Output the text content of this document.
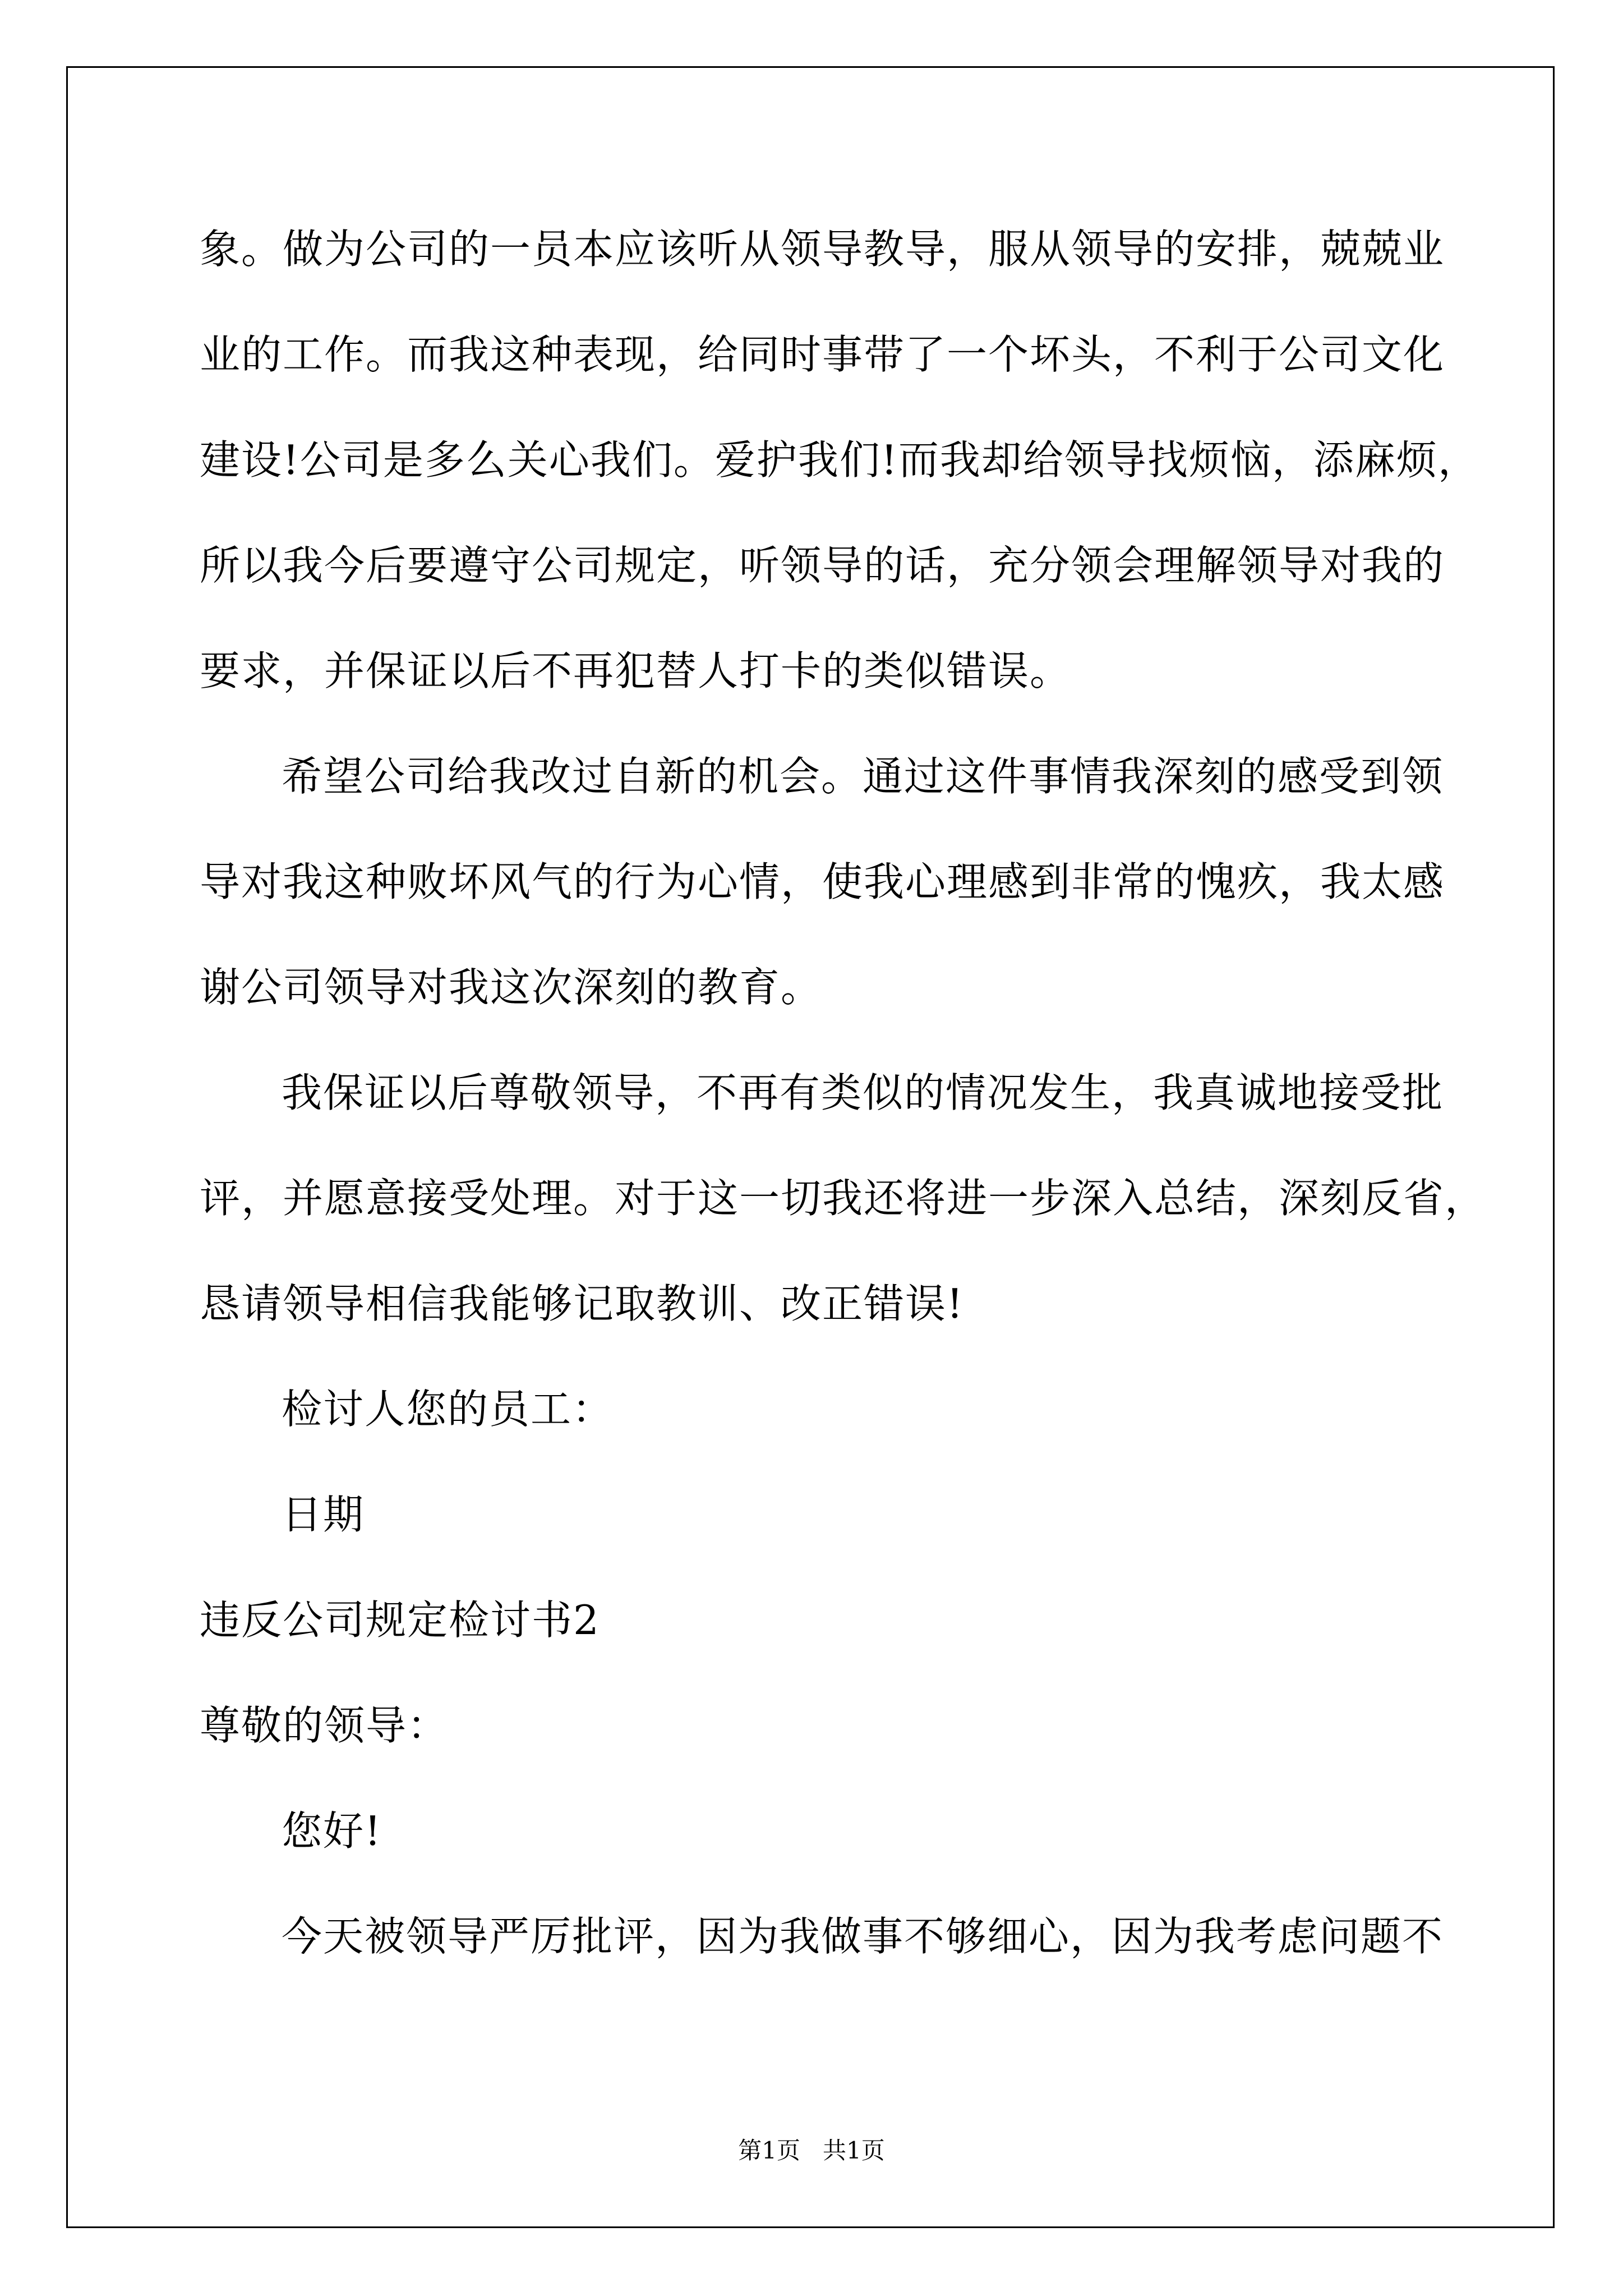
象。做为公司的一员本应该听从领导教导，服从领导的安排，兢兢业
业的工作。而我这种表现，给同时事带了一个坏头，不利于公司文化
建设!公司是多么关心我们。爱护我们!而我却给领导找烦恼，添麻烦，
所以我今后要遵守公司规定，听领导的话，充分领会理解领导对我的
要求，并保证以后不再犯替人打卡的类似错误。
希望公司给我改过自新的机会。通过这件事情我深刻的感受到领
导对我这种败坏风气的行为心情，使我心理感到非常的愧疚，我太感
谢公司领导对我这次深刻的教育。
我保证以后尊敬领导，不再有类似的情况发生，我真诚地接受批
评，并愿意接受处理。对于这一切我还将进一步深入总结，深刻反省，
恳请领导相信我能够记取教训、改正错误!
检讨人您的员工：
日期
违反公司规定检讨书2
尊敬的领导：
您好!
今天被领导严厉批评，因为我做事不够细心，因为我考虑问题不
第1页   共1页
